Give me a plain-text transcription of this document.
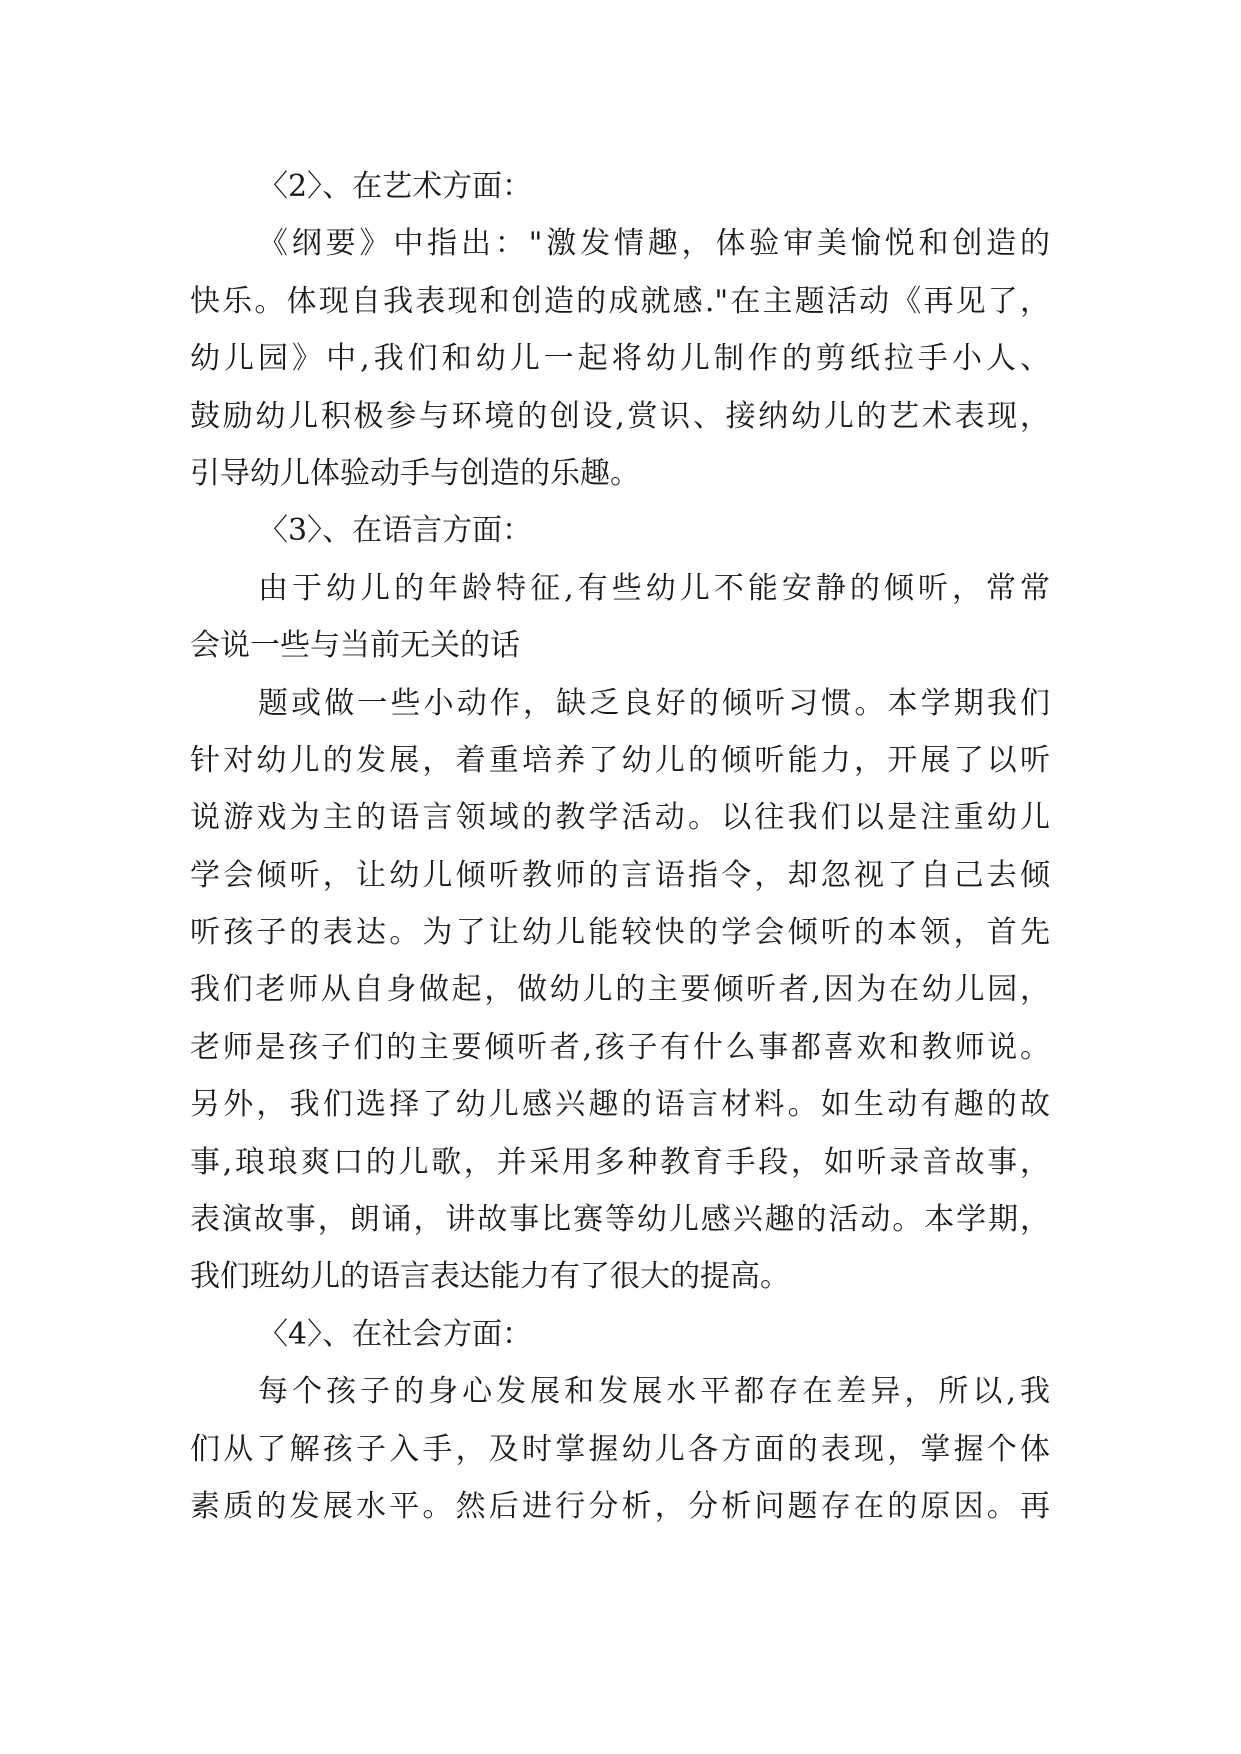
〈2〉、在艺术方面：
《纲要》中指出："激发情趣，体验审美愉悦和创造的
快乐。体现自我表现和创造的成就感."在主题活动《再见了，
幼儿园》中,我们和幼儿一起将幼儿制作的剪纸拉手小人、
鼓励幼儿积极参与环境的创设,赏识、接纳幼儿的艺术表现，
引导幼儿体验动手与创造的乐趣。
〈3〉、在语言方面：
由于幼儿的年龄特征,有些幼儿不能安静的倾听，常常
会说一些与当前无关的话
题或做一些小动作，缺乏良好的倾听习惯。本学期我们
针对幼儿的发展，着重培养了幼儿的倾听能力，开展了以听
说游戏为主的语言领域的教学活动。以往我们以是注重幼儿
学会倾听，让幼儿倾听教师的言语指令，却忽视了自己去倾
听孩子的表达。为了让幼儿能较快的学会倾听的本领，首先
我们老师从自身做起，做幼儿的主要倾听者,因为在幼儿园，
老师是孩子们的主要倾听者,孩子有什么事都喜欢和教师说。
另外，我们选择了幼儿感兴趣的语言材料。如生动有趣的故
事,琅琅爽口的儿歌，并采用多种教育手段，如听录音故事，
表演故事，朗诵，讲故事比赛等幼儿感兴趣的活动。本学期，
我们班幼儿的语言表达能力有了很大的提高。
〈4〉、在社会方面：
每个孩子的身心发展和发展水平都存在差异，所以,我
们从了解孩子入手，及时掌握幼儿各方面的表现，掌握个体
素质的发展水平。然后进行分析，分析问题存在的原因。再
